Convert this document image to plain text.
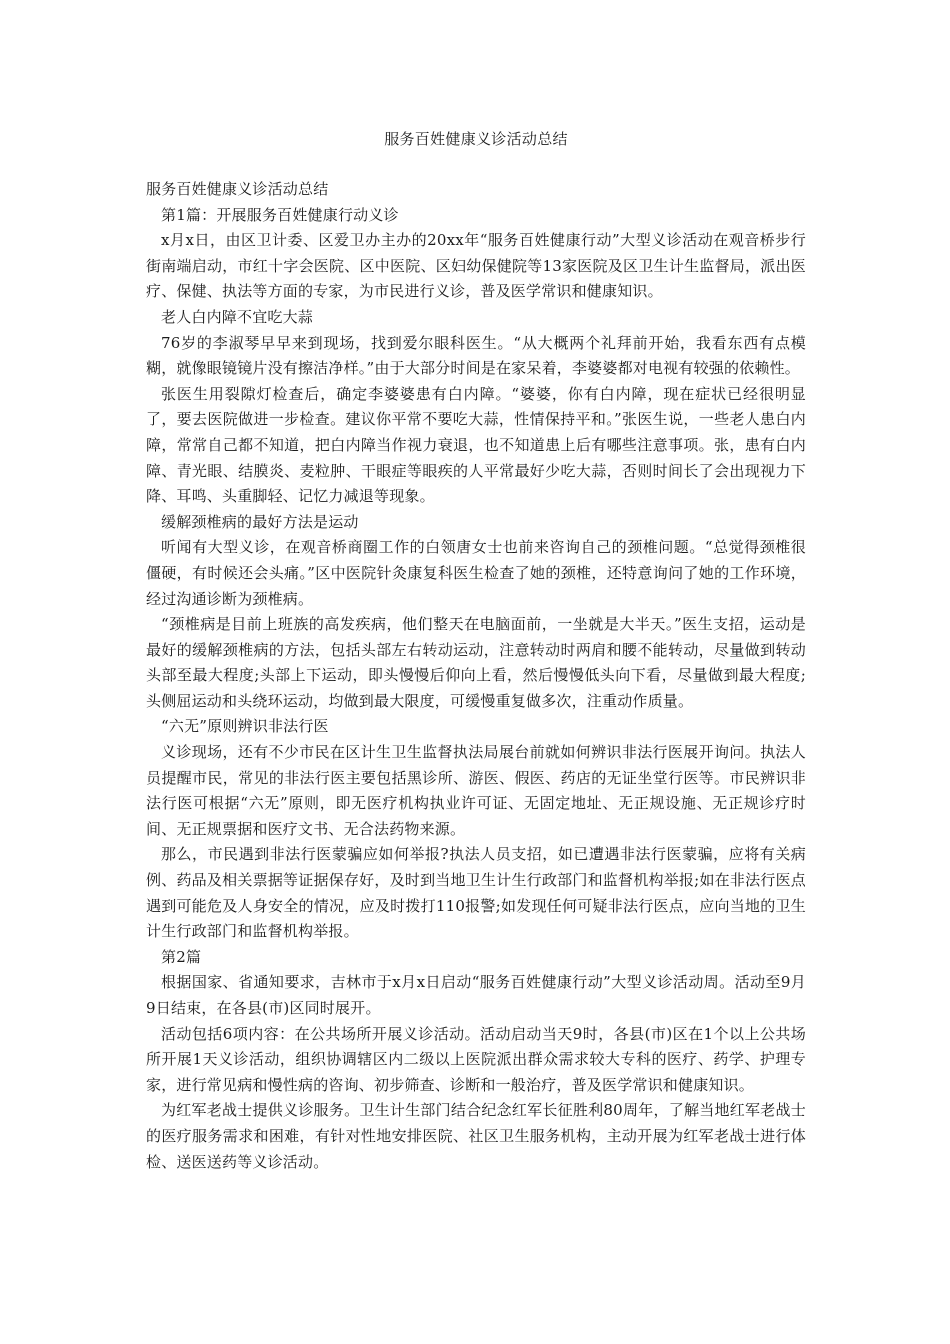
服务百姓健康义诊活动总结

服务百姓健康义诊活动总结

第1篇：开展服务百姓健康行动义诊

x月x日，由区卫计委、区爱卫办主办的20xx年“服务百姓健康行动”大型义诊活动在观音桥步行街南端启动，市红十字会医院、区中医院、区妇幼保健院等13家医院及区卫生计生监督局，派出医疗、保健、执法等方面的专家，为市民进行义诊，普及医学常识和健康知识。

老人白内障不宜吃大蒜

76岁的李淑琴早早来到现场，找到爱尔眼科医生。“从大概两个礼拜前开始，我看东西有点模糊，就像眼镜镜片没有擦洁净样。”由于大部分时间是在家呆着，李婆婆都对电视有较强的依赖性。

张医生用裂隙灯检查后，确定李婆婆患有白内障。“婆婆，你有白内障，现在症状已经很明显了，要去医院做进一步检查。建议你平常不要吃大蒜，性情保持平和。”张医生说，一些老人患白内障，常常自己都不知道，把白内障当作视力衰退，也不知道患上后有哪些注意事项。张，患有白内障、青光眼、结膜炎、麦粒肿、干眼症等眼疾的人平常最好少吃大蒜，否则时间长了会出现视力下降、耳鸣、头重脚轻、记忆力减退等现象。

缓解颈椎病的最好方法是运动

听闻有大型义诊，在观音桥商圈工作的白领唐女士也前来咨询自己的颈椎问题。“总觉得颈椎很僵硬，有时候还会头痛。”区中医院针灸康复科医生检查了她的颈椎，还特意询问了她的工作环境，经过沟通诊断为颈椎病。

“颈椎病是目前上班族的高发疾病，他们整天在电脑面前，一坐就是大半天。”医生支招，运动是最好的缓解颈椎病的方法，包括头部左右转动运动，注意转动时两肩和腰不能转动，尽量做到转动头部至最大程度;头部上下运动，即头慢慢后仰向上看，然后慢慢低头向下看，尽量做到最大程度;头侧屈运动和头绕环运动，均做到最大限度，可缓慢重复做多次，注重动作质量。

“六无”原则辨识非法行医

义诊现场，还有不少市民在区计生卫生监督执法局展台前就如何辨识非法行医展开询问。执法人员提醒市民，常见的非法行医主要包括黑诊所、游医、假医、药店的无证坐堂行医等。市民辨识非法行医可根据“六无”原则，即无医疗机构执业许可证、无固定地址、无正规设施、无正规诊疗时间、无正规票据和医疗文书、无合法药物来源。

那么，市民遇到非法行医蒙骗应如何举报?执法人员支招，如已遭遇非法行医蒙骗，应将有关病例、药品及相关票据等证据保存好，及时到当地卫生计生行政部门和监督机构举报;如在非法行医点遇到可能危及人身安全的情况，应及时拨打110报警;如发现任何可疑非法行医点，应向当地的卫生计生行政部门和监督机构举报。

第2篇

根据国家、省通知要求，吉林市于x月x日启动“服务百姓健康行动”大型义诊活动周。活动至9月9日结束，在各县(市)区同时展开。

活动包括6项内容：在公共场所开展义诊活动。活动启动当天9时，各县(市)区在1个以上公共场所开展1天义诊活动，组织协调辖区内二级以上医院派出群众需求较大专科的医疗、药学、护理专家，进行常见病和慢性病的咨询、初步筛查、诊断和一般治疗，普及医学常识和健康知识。

为红军老战士提供义诊服务。卫生计生部门结合纪念红军长征胜利80周年，了解当地红军老战士的医疗服务需求和困难，有针对性地安排医院、社区卫生服务机构，主动开展为红军老战士进行体检、送医送药等义诊活动。
